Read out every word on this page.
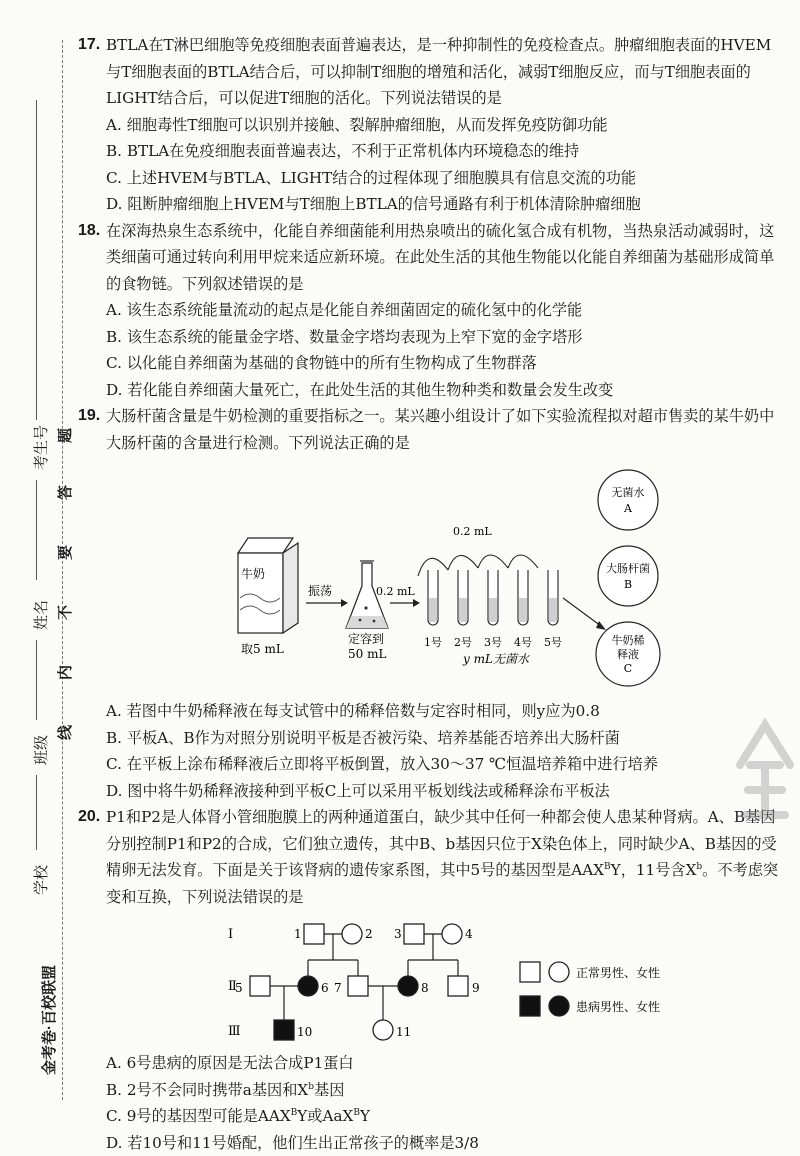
考生号
姓名
班级
学校
金考卷·百校联盟
题
答
要
不
内
线
17. BTLA在T淋巴细胞等免疫细胞表面普遍表达，是一种抑制性的免疫检查点。肿瘤细胞表面的HVEM与T细胞表面的BTLA结合后，可以抑制T细胞的增殖和活化，减弱T细胞反应，而与T细胞表面的LIGHT结合后，可以促进T细胞的活化。下列说法错误的是
A. 细胞毒性T细胞可以识别并接触、裂解肿瘤细胞，从而发挥免疫防御功能
B. BTLA在免疫细胞表面普遍表达，不利于正常机体内环境稳态的维持
C. 上述HVEM与BTLA、LIGHT结合的过程体现了细胞膜具有信息交流的功能
D. 阻断肿瘤细胞上HVEM与T细胞上BTLA的信号通路有利于机体清除肿瘤细胞
18. 在深海热泉生态系统中，化能自养细菌能利用热泉喷出的硫化氢合成有机物，当热泉活动减弱时，这类细菌可通过转向利用甲烷来适应新环境。在此处生活的其他生物能以化能自养细菌为基础形成简单的食物链。下列叙述错误的是
A. 该生态系统能量流动的起点是化能自养细菌固定的硫化氢中的化学能
B. 该生态系统的能量金字塔、数量金字塔均表现为上窄下宽的金字塔形
C. 以化能自养细菌为基础的食物链中的所有生物构成了生物群落
D. 若化能自养细菌大量死亡，在此处生活的其他生物种类和数量会发生改变
19. 大肠杆菌含量是牛奶检测的重要指标之一。某兴趣小组设计了如下实验流程拟对超市售卖的某牛奶中大肠杆菌的含量进行检测。下列说法正确的是
牛奶
取5 mL
振荡
定容到
50 mL
0.2 mL
0.2 mL
1号 2号 3号 4号 5号
y mL无菌水
无菌水
A
大肠杆菌
B
牛奶稀
释液
C
A. 若图中牛奶稀释液在每支试管中的稀释倍数与定容时相同，则y应为0.8
B. 平板A、B作为对照分别说明平板是否被污染、培养基能否培养出大肠杆菌
C. 在平板上涂布稀释液后立即将平板倒置，放入30～37 ℃恒温培养箱中进行培养
D. 图中将牛奶稀释液接种到平板C上可以采用平板划线法或稀释涂布平板法
20. P1和P2是人体肾小管细胞膜上的两种通道蛋白，缺少其中任何一种都会使人患某种肾病。A、B基因分别控制P1和P2的合成，它们独立遗传，其中B、b基因只位于X染色体上，同时缺少A、B基因的受精卵无法发育。下面是关于该肾病的遗传家系图，其中5号的基因型是$AAX^BY$，11号含$X^b$。不考虑突变和互换，下列说法错误的是
Ⅰ
Ⅱ
Ⅲ
1	2 3	4
5	6 7	8	9
10	11
正常男性、女性
患病男性、女性
A. 6号患病的原因是无法合成P1蛋白
B. 2号不会同时携带a基因和$X^b$基因
C. 9号的基因型可能是$AAX^BY$或AaX$^B$Y
D. 若10号和11号婚配，他们生出正常孩子的概率是3/8
